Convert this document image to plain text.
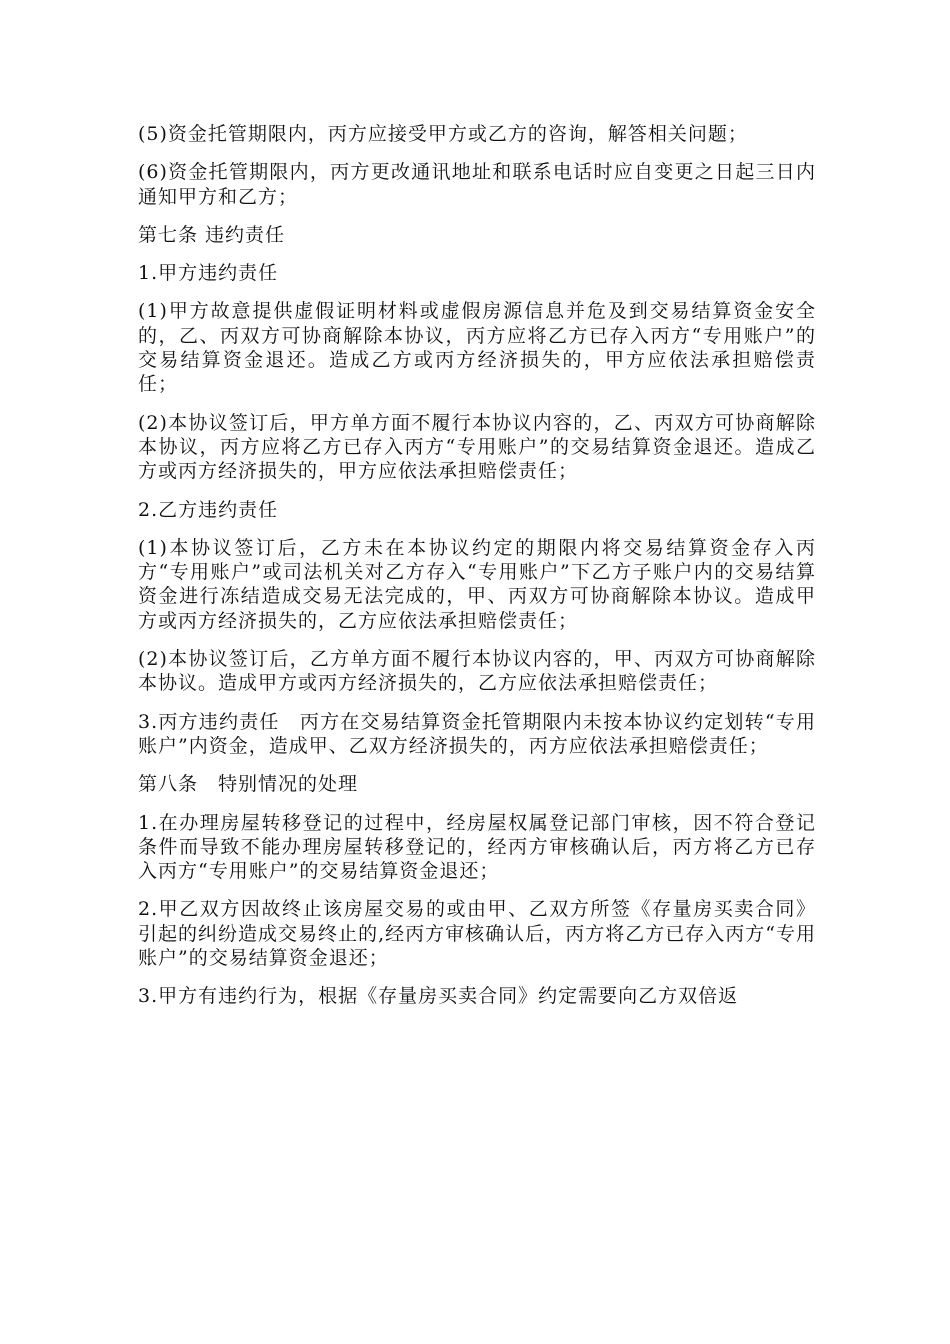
(5)资金托管期限内，丙方应接受甲方或乙方的咨询，解答相关问题；

(6)资金托管期限内，丙方更改通讯地址和联系电话时应自变更之日起三日内通知甲方和乙方；

第七条 违约责任

1.甲方违约责任

(1)甲方故意提供虚假证明材料或虚假房源信息并危及到交易结算资金安全的，乙、丙双方可协商解除本协议，丙方应将乙方已存入丙方“专用账户”的交易结算资金退还。造成乙方或丙方经济损失的，甲方应依法承担赔偿责任；

(2)本协议签订后，甲方单方面不履行本协议内容的，乙、丙双方可协商解除本协议，丙方应将乙方已存入丙方“专用账户”的交易结算资金退还。造成乙方或丙方经济损失的，甲方应依法承担赔偿责任；

2.乙方违约责任

(1)本协议签订后，乙方未在本协议约定的期限内将交易结算资金存入丙方“专用账户”或司法机关对乙方存入“专用账户”下乙方子账户内的交易结算资金进行冻结造成交易无法完成的，甲、丙双方可协商解除本协议。造成甲方或丙方经济损失的，乙方应依法承担赔偿责任；

(2)本协议签订后，乙方单方面不履行本协议内容的，甲、丙双方可协商解除本协议。造成甲方或丙方经济损失的，乙方应依法承担赔偿责任；

3.丙方违约责任　丙方在交易结算资金托管期限内未按本协议约定划转“专用账户”内资金，造成甲、乙双方经济损失的，丙方应依法承担赔偿责任；

第八条　特别情况的处理

1.在办理房屋转移登记的过程中，经房屋权属登记部门审核，因不符合登记条件而导致不能办理房屋转移登记的，经丙方审核确认后，丙方将乙方已存入丙方“专用账户”的交易结算资金退还；

2.甲乙双方因故终止该房屋交易的或由甲、乙双方所签《存量房买卖合同》引起的纠纷造成交易终止的,经丙方审核确认后，丙方将乙方已存入丙方“专用账户”的交易结算资金退还；

3.甲方有违约行为，根据《存量房买卖合同》约定需要向乙方双倍返
